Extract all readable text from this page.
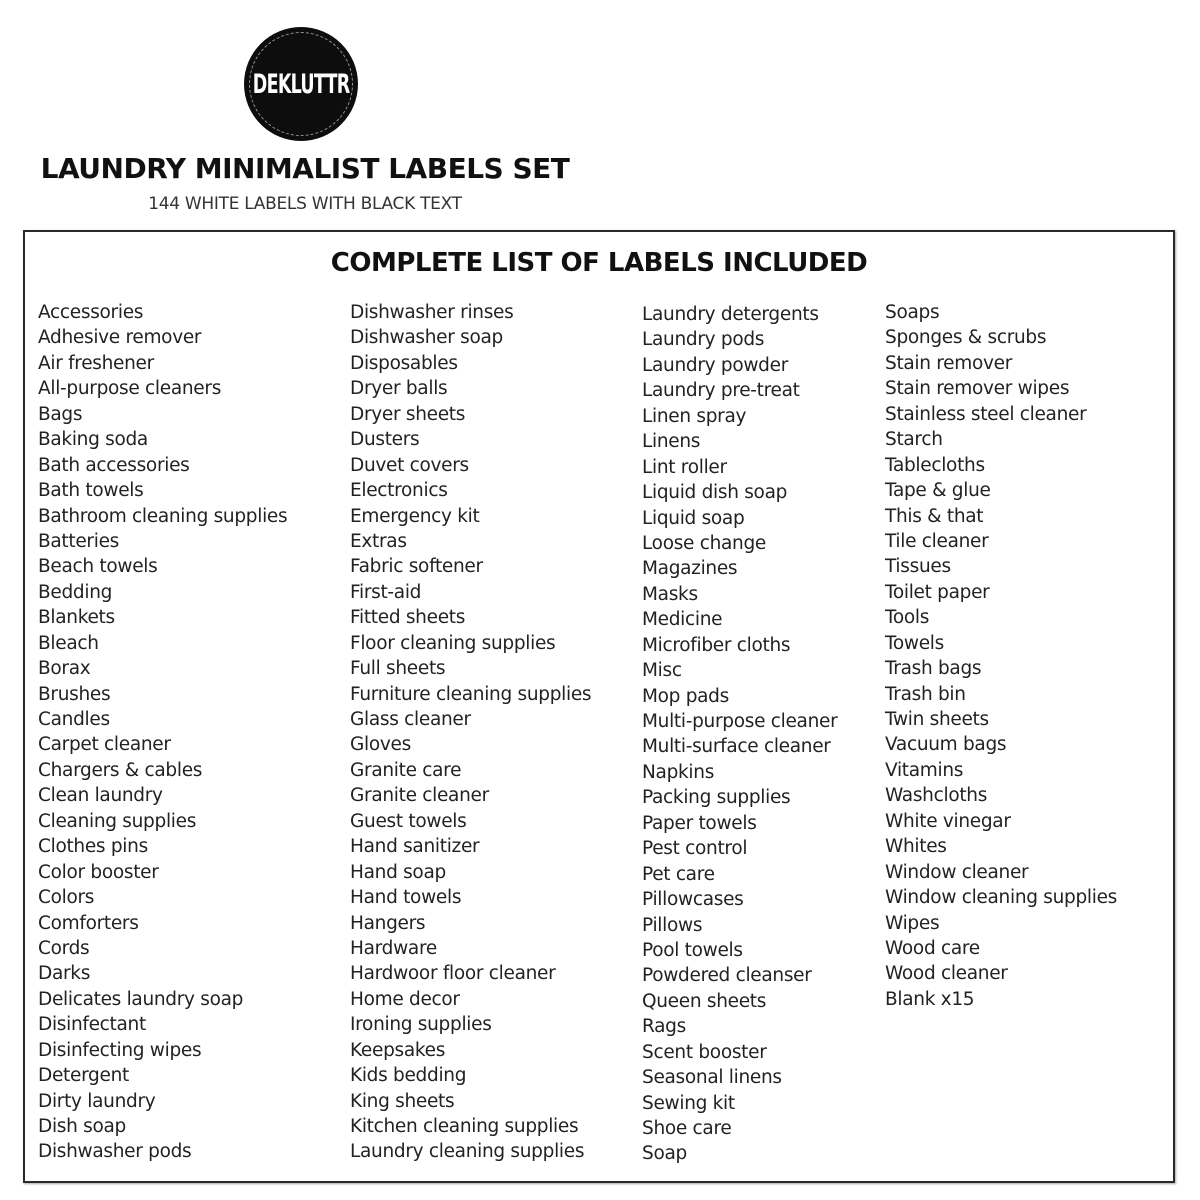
DEKLUTTR
LAUNDRY MINIMALIST LABELS SET
144 WHITE LABELS WITH BLACK TEXT
COMPLETE LIST OF LABELS INCLUDED
Accessories
Adhesive remover
Air freshener
All-purpose cleaners
Bags
Baking soda
Bath accessories
Bath towels
Bathroom cleaning supplies
Batteries
Beach towels
Bedding
Blankets
Bleach
Borax
Brushes
Candles
Carpet cleaner
Chargers & cables
Clean laundry
Cleaning supplies
Clothes pins
Color booster
Colors
Comforters
Cords
Darks
Delicates laundry soap
Disinfectant
Disinfecting wipes
Detergent
Dirty laundry
Dish soap
Dishwasher pods
Dishwasher rinses
Dishwasher soap
Disposables
Dryer balls
Dryer sheets
Dusters
Duvet covers
Electronics
Emergency kit
Extras
Fabric softener
First-aid
Fitted sheets
Floor cleaning supplies
Full sheets
Furniture cleaning supplies
Glass cleaner
Gloves
Granite care
Granite cleaner
Guest towels
Hand sanitizer
Hand soap
Hand towels
Hangers
Hardware
Hardwoor floor cleaner
Home decor
Ironing supplies
Keepsakes
Kids bedding
King sheets
Kitchen cleaning supplies
Laundry cleaning supplies
Laundry detergents
Laundry pods
Laundry powder
Laundry pre-treat
Linen spray
Linens
Lint roller
Liquid dish soap
Liquid soap
Loose change
Magazines
Masks
Medicine
Microfiber cloths
Misc
Mop pads
Multi-purpose cleaner
Multi-surface cleaner
Napkins
Packing supplies
Paper towels
Pest control
Pet care
Pillowcases
Pillows
Pool towels
Powdered cleanser
Queen sheets
Rags
Scent booster
Seasonal linens
Sewing kit
Shoe care
Soap
Soaps
Sponges & scrubs
Stain remover
Stain remover wipes
Stainless steel cleaner
Starch
Tablecloths
Tape & glue
This & that
Tile cleaner
Tissues
Toilet paper
Tools
Towels
Trash bags
Trash bin
Twin sheets
Vacuum bags
Vitamins
Washcloths
White vinegar
Whites
Window cleaner
Window cleaning supplies
Wipes
Wood care
Wood cleaner
Blank x15
